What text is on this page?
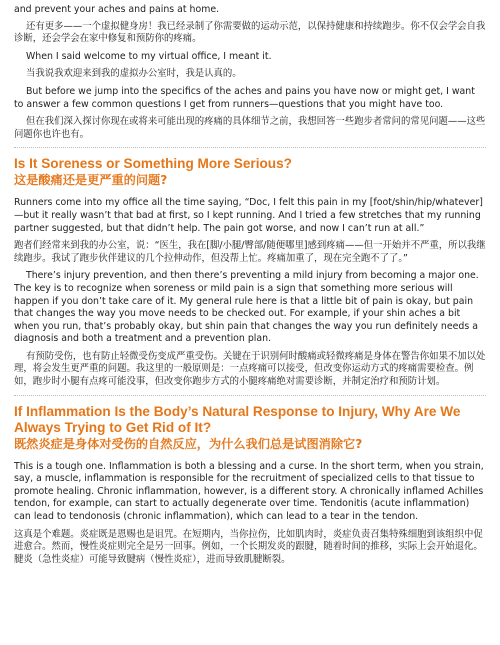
and prevent your aches and pains at home.

还有更多——一个虚拟健身房！我已经录制了你需要做的运动示范，以保持健康和持续跑步。你不仅会学会自我诊断，还会学会在家中修复和预防你的疼痛。

When I said welcome to my virtual office, I meant it.

当我说我欢迎来到我的虚拟办公室时，我是认真的。

But before we jump into the specifics of the aches and pains you have now or might get, I want to answer a few common questions I get from runners—questions that you might have too.

但在我们深入探讨你现在或将来可能出现的疼痛的具体细节之前，我想回答一些跑步者常问的常见问题——这些问题你也许也有。

Is It Soreness or Something More Serious?
这是酸痛还是更严重的问题?

Runners come into my office all the time saying, “Doc, I felt this pain in my [foot/shin/hip/whatever]—but it really wasn’t that bad at first, so I kept running. And I tried a few stretches that my running partner suggested, but that didn’t help. The pain got worse, and now I can’t run at all.”

跑者们经常来到我的办公室，说：“医生，我在[脚/小腿/臀部/随便哪里]感到疼痛——但一开始并不严重，所以我继续跑步。我试了跑步伙伴建议的几个拉伸动作，但没帮上忙。疼痛加重了，现在完全跑不了了。”

There’s injury prevention, and then there’s preventing a mild injury from becoming a major one. The key is to recognize when soreness or mild pain is a sign that something more serious will happen if you don’t take care of it. My general rule here is that a little bit of pain is okay, but pain that changes the way you move needs to be checked out. For example, if your shin aches a bit when you run, that’s probably okay, but shin pain that changes the way you run definitely needs a diagnosis and both a treatment and a prevention plan.

有预防受伤，也有防止轻微受伤变成严重受伤。关键在于识别何时酸痛或轻微疼痛是身体在警告你如果不加以处理，将会发生更严重的问题。我这里的一般原则是：一点疼痛可以接受，但改变你运动方式的疼痛需要检查。例如，跑步时小腿有点疼可能没事，但改变你跑步方式的小腿疼痛绝对需要诊断，并制定治疗和预防计划。

If Inflammation Is the Body’s Natural Response to Injury, Why Are We Always Trying to Get Rid of It?
既然炎症是身体对受伤的自然反应，为什么我们总是试图消除它?

This is a tough one. Inflammation is both a blessing and a curse. In the short term, when you strain, say, a muscle, inflammation is responsible for the recruitment of specialized cells to that tissue to promote healing. Chronic inflammation, however, is a different story. A chronically inflamed Achilles tendon, for example, can start to actually degenerate over time. Tendonitis (acute inflammation) can lead to tendonosis (chronic inflammation), which can lead to a tear in the tendon.

这真是个难题。炎症既是恩赐也是诅咒。在短期内，当你拉伤，比如肌肉时，炎症负责召集特殊细胞到该组织中促进愈合。然而，慢性炎症则完全是另一回事。例如，一个长期发炎的跟腱，随着时间的推移，实际上会开始退化。腱炎（急性炎症）可能导致腱病（慢性炎症），进而导致肌腱断裂。
